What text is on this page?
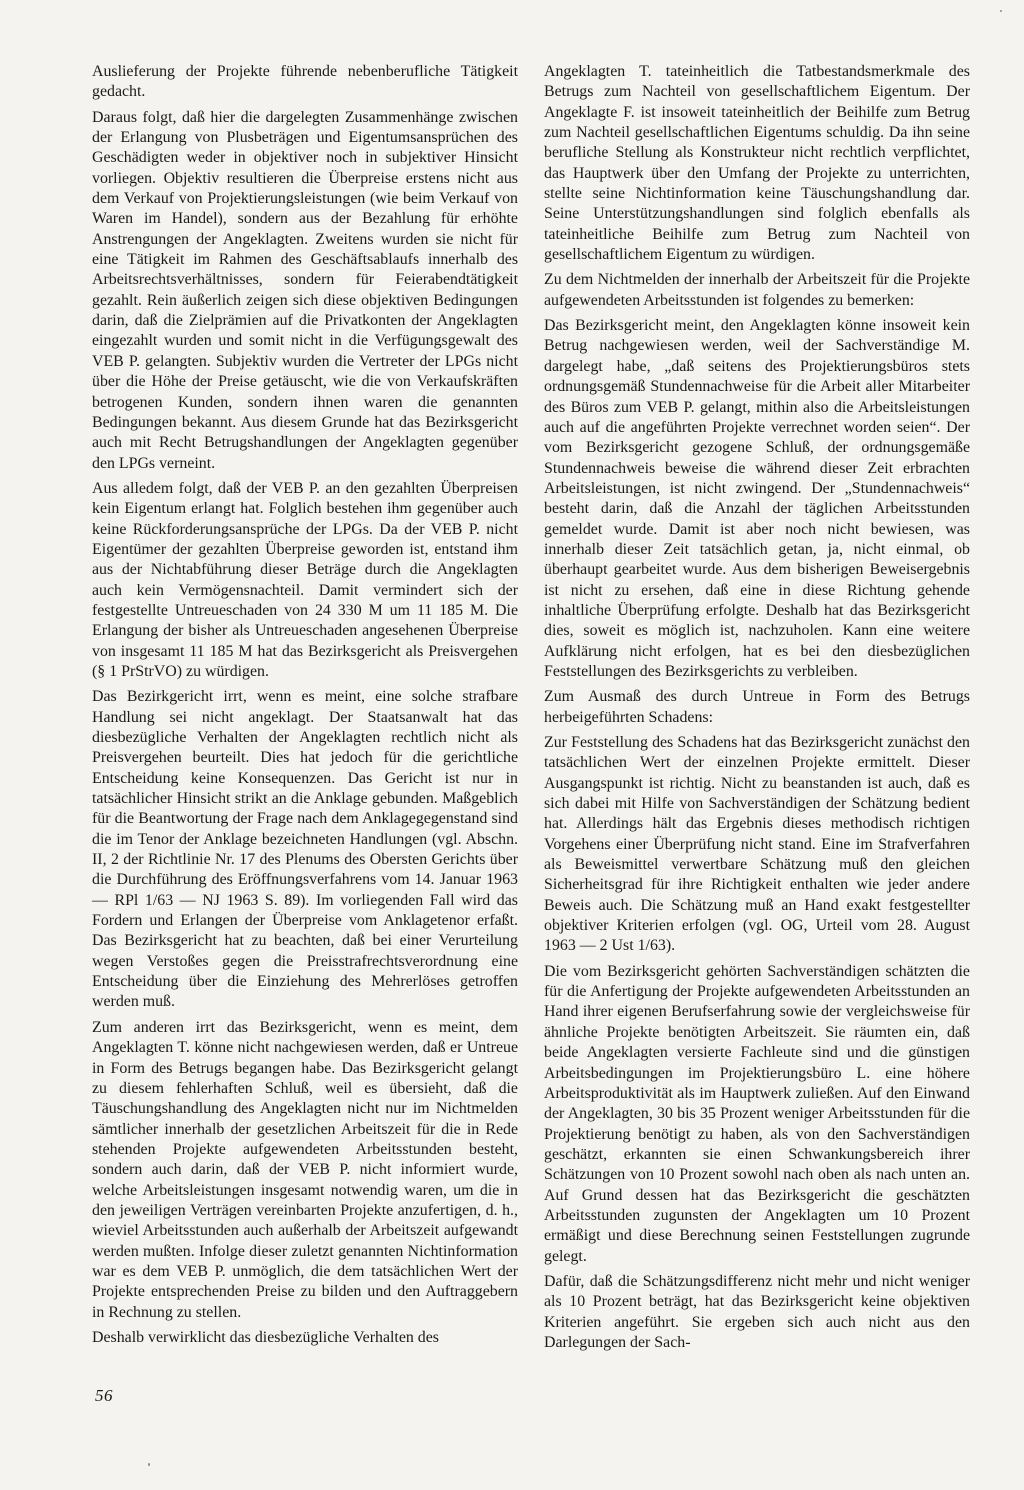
Auslieferung der Projekte führende nebenberufliche Tätigkeit gedacht.

Daraus folgt, daß hier die dargelegten Zusammenhänge zwischen der Erlangung von Plusbeträgen und Eigentumsansprüchen des Geschädigten weder in objektiver noch in subjektiver Hinsicht vorliegen. Objektiv resultieren die Überpreise erstens nicht aus dem Verkauf von Projektierungsleistungen (wie beim Verkauf von Waren im Handel), sondern aus der Bezahlung für erhöhte Anstrengungen der Angeklagten. Zweitens wurden sie nicht für eine Tätigkeit im Rahmen des Geschäftsablaufs innerhalb des Arbeitsrechtsverhältnisses, sondern für Feierabendtätigkeit gezahlt. Rein äußerlich zeigen sich diese objektiven Bedingungen darin, daß die Zielprämien auf die Privatkonten der Angeklagten eingezahlt wurden und somit nicht in die Verfügungsgewalt des VEB P. gelangten. Subjektiv wurden die Vertreter der LPGs nicht über die Höhe der Preise getäuscht, wie die von Verkaufskräften betrogenen Kunden, sondern ihnen waren die genannten Bedingungen bekannt. Aus diesem Grunde hat das Bezirksgericht auch mit Recht Betrugshandlungen der Angeklagten gegenüber den LPGs verneint.

Aus alledem folgt, daß der VEB P. an den gezahlten Überpreisen kein Eigentum erlangt hat. Folglich bestehen ihm gegenüber auch keine Rückforderungsansprüche der LPGs. Da der VEB P. nicht Eigentümer der gezahlten Überpreise geworden ist, entstand ihm aus der Nichtabführung dieser Beträge durch die Angeklagten auch kein Vermögensnachteil. Damit vermindert sich der festgestellte Untreueschaden von 24 330 M um 11 185 M. Die Erlangung der bisher als Untreueschaden angesehenen Überpreise von insgesamt 11 185 M hat das Bezirksgericht als Preisvergehen (§ 1 PrStrVO) zu würdigen.

Das Bezirkgericht irrt, wenn es meint, eine solche strafbare Handlung sei nicht angeklagt. Der Staatsanwalt hat das diesbezügliche Verhalten der Angeklagten rechtlich nicht als Preisvergehen beurteilt. Dies hat jedoch für die gerichtliche Entscheidung keine Konsequenzen. Das Gericht ist nur in tatsächlicher Hinsicht strikt an die Anklage gebunden. Maßgeblich für die Beantwortung der Frage nach dem Anklagegegenstand sind die im Tenor der Anklage bezeichneten Handlungen (vgl. Abschn. II, 2 der Richtlinie Nr. 17 des Plenums des Obersten Gerichts über die Durchführung des Eröffnungsverfahrens vom 14. Januar 1963 — RPl 1/63 — NJ 1963 S. 89). Im vorliegenden Fall wird das Fordern und Erlangen der Überpreise vom Anklagetenor erfaßt. Das Bezirksgericht hat zu beachten, daß bei einer Verurteilung wegen Verstoßes gegen die Preisstrafrechtsverordnung eine Entscheidung über die Einziehung des Mehrerlöses getroffen werden muß.

Zum anderen irrt das Bezirksgericht, wenn es meint, dem Angeklagten T. könne nicht nachgewiesen werden, daß er Untreue in Form des Betrugs begangen habe. Das Bezirksgericht gelangt zu diesem fehlerhaften Schluß, weil es übersieht, daß die Täuschungshandlung des Angeklagten nicht nur im Nichtmelden sämtlicher innerhalb der gesetzlichen Arbeitszeit für die in Rede stehenden Projekte aufgewendeten Arbeitsstunden besteht, sondern auch darin, daß der VEB P. nicht informiert wurde, welche Arbeitsleistungen insgesamt notwendig waren, um die in den jeweiligen Verträgen vereinbarten Projekte anzufertigen, d. h., wieviel Arbeitsstunden auch außerhalb der Arbeitszeit aufgewandt werden mußten. Infolge dieser zuletzt genannten Nichtinformation war es dem VEB P. unmöglich, die dem tatsächlichen Wert der Projekte entsprechenden Preise zu bilden und den Auftraggebern in Rechnung zu stellen.

Deshalb verwirklicht das diesbezügliche Verhalten des

Angeklagten T. tateinheitlich die Tatbestandsmerkmale des Betrugs zum Nachteil von gesellschaftlichem Eigentum. Der Angeklagte F. ist insoweit tateinheitlich der Beihilfe zum Betrug zum Nachteil gesellschaftlichen Eigentums schuldig. Da ihn seine berufliche Stellung als Konstrukteur nicht rechtlich verpflichtet, das Hauptwerk über den Umfang der Projekte zu unterrichten, stellte seine Nichtinformation keine Täuschungshandlung dar. Seine Unterstützungshandlungen sind folglich ebenfalls als tateinheitliche Beihilfe zum Betrug zum Nachteil von gesellschaftlichem Eigentum zu würdigen.

Zu dem Nichtmelden der innerhalb der Arbeitszeit für die Projekte aufgewendeten Arbeitsstunden ist folgendes zu bemerken:

Das Bezirksgericht meint, den Angeklagten könne insoweit kein Betrug nachgewiesen werden, weil der Sachverständige M. dargelegt habe, „daß seitens des Projektierungsbüros stets ordnungsgemäß Stundennachweise für die Arbeit aller Mitarbeiter des Büros zum VEB P. gelangt, mithin also die Arbeitsleistungen auch auf die angeführten Projekte verrechnet worden seien“. Der vom Bezirksgericht gezogene Schluß, der ordnungsgemäße Stundennachweis beweise die während dieser Zeit erbrachten Arbeitsleistungen, ist nicht zwingend. Der „Stundennachweis“ besteht darin, daß die Anzahl der täglichen Arbeitsstunden gemeldet wurde. Damit ist aber noch nicht bewiesen, was innerhalb dieser Zeit tatsächlich getan, ja, nicht einmal, ob überhaupt gearbeitet wurde. Aus dem bisherigen Beweisergebnis ist nicht zu ersehen, daß eine in diese Richtung gehende inhaltliche Überprüfung erfolgte. Deshalb hat das Bezirksgericht dies, soweit es möglich ist, nachzuholen. Kann eine weitere Aufklärung nicht erfolgen, hat es bei den diesbezüglichen Feststellungen des Bezirksgerichts zu verbleiben.

Zum Ausmaß des durch Untreue in Form des Betrugs herbeigeführten Schadens:

Zur Feststellung des Schadens hat das Bezirksgericht zunächst den tatsächlichen Wert der einzelnen Projekte ermittelt. Dieser Ausgangspunkt ist richtig. Nicht zu beanstanden ist auch, daß es sich dabei mit Hilfe von Sachverständigen der Schätzung bedient hat. Allerdings hält das Ergebnis dieses methodisch richtigen Vorgehens einer Überprüfung nicht stand. Eine im Strafverfahren als Beweismittel verwertbare Schätzung muß den gleichen Sicherheitsgrad für ihre Richtigkeit enthalten wie jeder andere Beweis auch. Die Schätzung muß an Hand exakt festgestellter objektiver Kriterien erfolgen (vgl. OG, Urteil vom 28. August 1963 — 2 Ust 1/63).

Die vom Bezirksgericht gehörten Sachverständigen schätzten die für die Anfertigung der Projekte aufgewendeten Arbeitsstunden an Hand ihrer eigenen Berufserfahrung sowie der vergleichsweise für ähnliche Projekte benötigten Arbeitszeit. Sie räumten ein, daß beide Angeklagten versierte Fachleute sind und die günstigen Arbeitsbedingungen im Projektierungsbüro L. eine höhere Arbeitsproduktivität als im Hauptwerk zuließen. Auf den Einwand der Angeklagten, 30 bis 35 Prozent weniger Arbeitsstunden für die Projektierung benötigt zu haben, als von den Sachverständigen geschätzt, erkannten sie einen Schwankungsbereich ihrer Schätzungen von 10 Prozent sowohl nach oben als nach unten an. Auf Grund dessen hat das Bezirksgericht die geschätzten Arbeitsstunden zugunsten der Angeklagten um 10 Prozent ermäßigt und diese Berechnung seinen Feststellungen zugrunde gelegt.

Dafür, daß die Schätzungsdifferenz nicht mehr und nicht weniger als 10 Prozent beträgt, hat das Bezirksgericht keine objektiven Kriterien angeführt. Sie ergeben sich auch nicht aus den Darlegungen der Sach-

56
